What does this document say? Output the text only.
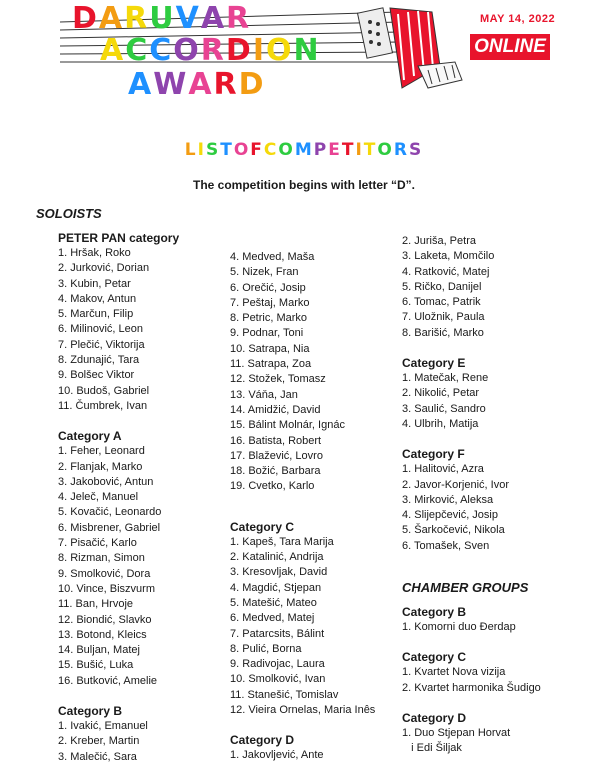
DARUVAR
ACCORDION
AWARD
MAY 14, 2022
ONLINE
LISTOFCOMPETITORS
The competition begins with letter “D”.
SOLOISTS
CHAMBER GROUPS
PETER PAN category
1. Hršak, Roko
2. Jurković, Dorian
3. Kubin, Petar
4. Makov, Antun
5. Marčun, Filip
6. Milinović, Leon
7. Plečić, Viktorija
8. Zdunajić, Tara
9. Bolšec Viktor
10. Budoš, Gabriel
11. Čumbrek, Ivan
Category A
1. Feher, Leonard
2. Flanjak, Marko
3. Jakobović, Antun
4. Jeleč, Manuel
5. Kovačić, Leonardo
6. Misbrener, Gabriel
7. Pisačić, Karlo
8. Rizman, Simon
9. Smolković, Dora
10. Vince, Biszvurm
11. Ban, Hrvoje
12. Biondić, Slavko
13. Botond, Kleics
14. Buljan, Matej
15. Bušić, Luka
16. Butković, Amelie
Category B
1. Ivakić, Emanuel
2. Kreber, Martin
3. Malečić, Sara
4. Medved, Maša
5. Nizek, Fran
6. Orečić, Josip
7. Peštaj, Marko
8. Petric, Marko
9. Podnar, Toni
10. Satrapa, Nia
11. Satrapa, Zoa
12. Stožek, Tomasz
13. Váňa, Jan
14. Amidžić, David
15. Bálint Molnár, Ignác
16. Batista, Robert
17. Blažević, Lovro
18. Božić, Barbara
19. Cvetko, Karlo
Category C
1. Kapeš, Tara Marija
2. Katalinić, Andrija
3. Kresovljak, David
4. Magdić, Stjepan
5. Matešić, Mateo
6. Medved, Matej
7. Patarcsits, Bálint
8. Pulić, Borna
9. Radivojac, Laura
10. Smolković, Ivan
11. Stanešić, Tomislav
12. Vieira Ornelas, Maria Inês
Category D
1. Jakovljević, Ante
2. Juriša, Petra
3. Laketa, Momčilo
4. Ratković, Matej
5. Ričko, Danijel
6. Tomac, Patrik
7. Uložnik, Paula
8. Barišić, Marko
Category E
1. Matečak, Rene
2. Nikolić, Petar
3. Saulić, Sandro
4. Ulbrih, Matija
Category F
1. Halitović, Azra
2. Javor-Korjenić, Ivor
3. Mirković, Aleksa
4. Slijepčević, Josip
5. Šarkočević, Nikola
6. Tomašek, Sven
Category B
1. Komorni duo Đerdap
Category C
1. Kvartet Nova vizija
2. Kvartet harmonika Šudigo
Category D
1. Duo Stjepan Horvat
i Edi Šiljak
